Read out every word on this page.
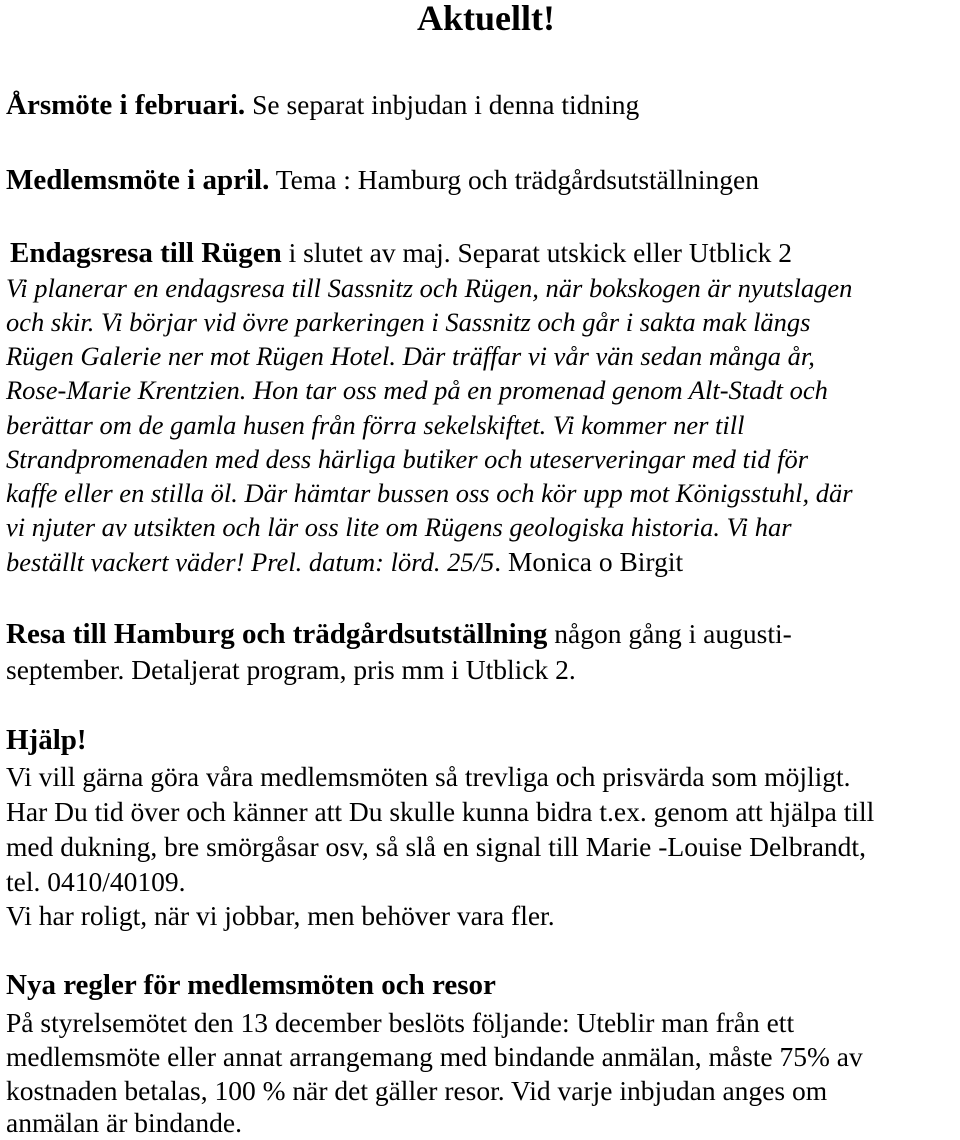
Aktuellt!
Årsmöte i februari. Se separat inbjudan i denna tidning
Medlemsmöte i april. Tema : Hamburg och trädgårdsutställningen
Endagsresa till Rügen i slutet av maj. Separat utskick eller Utblick 2
Vi planerar en endagsresa till Sassnitz och Rügen, när bokskogen är nyutslagen
och skir. Vi börjar vid övre parkeringen i Sassnitz och går i sakta mak längs
Rügen Galerie ner mot Rügen Hotel. Där träffar vi vår vän sedan många år,
Rose-Marie Krentzien. Hon tar oss med på en promenad genom Alt-Stadt och
berättar om de gamla husen från förra sekelskiftet. Vi kommer ner till
Strandpromenaden med dess härliga butiker och uteserveringar med tid för
kaffe eller en stilla öl. Där hämtar bussen oss och kör upp mot Königsstuhl, där
vi njuter av utsikten och lär oss lite om Rügens geologiska historia. Vi har
beställt vackert väder! Prel. datum: lörd. 25/5. Monica o Birgit
Resa till Hamburg och trädgårdsutställning någon gång i augusti-
september. Detaljerat program, pris mm i Utblick 2.
Hjälp!
Vi vill gärna göra våra medlemsmöten så trevliga och prisvärda som möjligt.
Har Du tid över och känner att Du skulle kunna bidra t.ex. genom att hjälpa till
med dukning, bre smörgåsar osv, så slå en signal till Marie -Louise Delbrandt,
tel. 0410/40109.
Vi har roligt, när vi jobbar, men behöver vara fler.
Nya regler för medlemsmöten och resor
På styrelsemötet den 13 december beslöts följande: Uteblir man från ett
medlemsmöte eller annat arrangemang med bindande anmälan, måste 75% av
kostnaden betalas, 100 % när det gäller resor. Vid varje inbjudan anges om
anmälan är bindande.
